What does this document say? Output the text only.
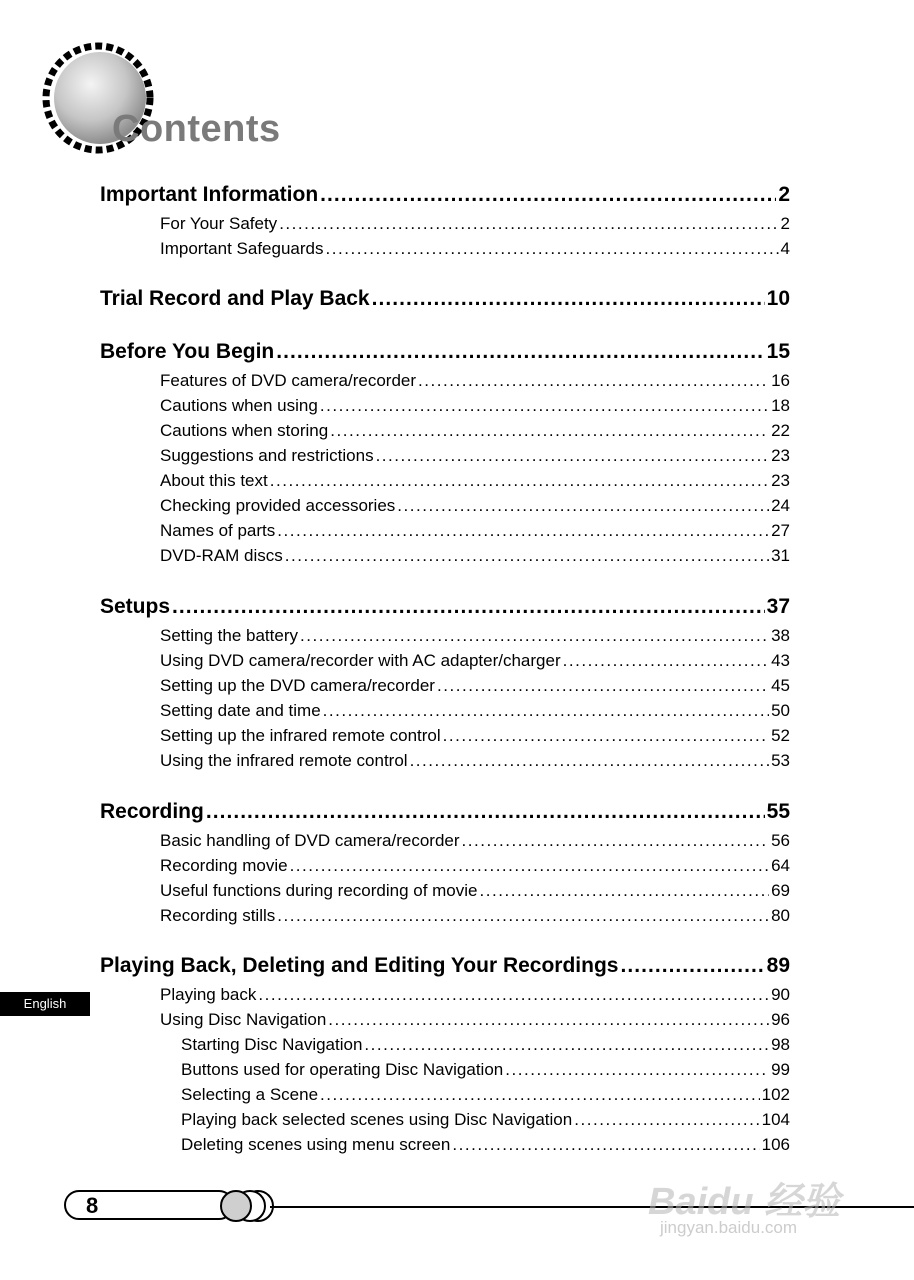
Contents
Important Information . . .	2
For Your Safety . . .	2
Important Safeguards . . .	4
Trial Record and Play Back . . .	10
Before You Begin . . .	15
Features of DVD camera/recorder . . .	16
Cautions when using . . .	18
Cautions when storing . . .	22
Suggestions and restrictions . . .	23
About this text . . .	23
Checking provided accessories . . .	24
Names of parts . . .	27
DVD-RAM discs . . .	31
Setups . . .	37
Setting the battery . . .	38
Using DVD camera/recorder with AC adapter/charger . . .	43
Setting up the DVD camera/recorder . . .	45
Setting date and time . . .	50
Setting up the infrared remote control . . .	52
Using the infrared remote control . . .	53
Recording . . .	55
Basic handling of DVD camera/recorder . . .	56
Recording movie . . .	64
Useful functions during recording of movie . . .	69
Recording stills . . .	80
Playing Back, Deleting and Editing Your Recordings . . .	89
Playing back . . .	90
Using Disc Navigation . . .	96
Starting Disc Navigation . . .	98
Buttons used for operating Disc Navigation . . .	99
Selecting a Scene . . .	102
Playing back selected scenes using Disc Navigation . . .	104
Deleting scenes using menu screen . . .	106
English
8	Baidu 经验
jingyan.baidu.com
